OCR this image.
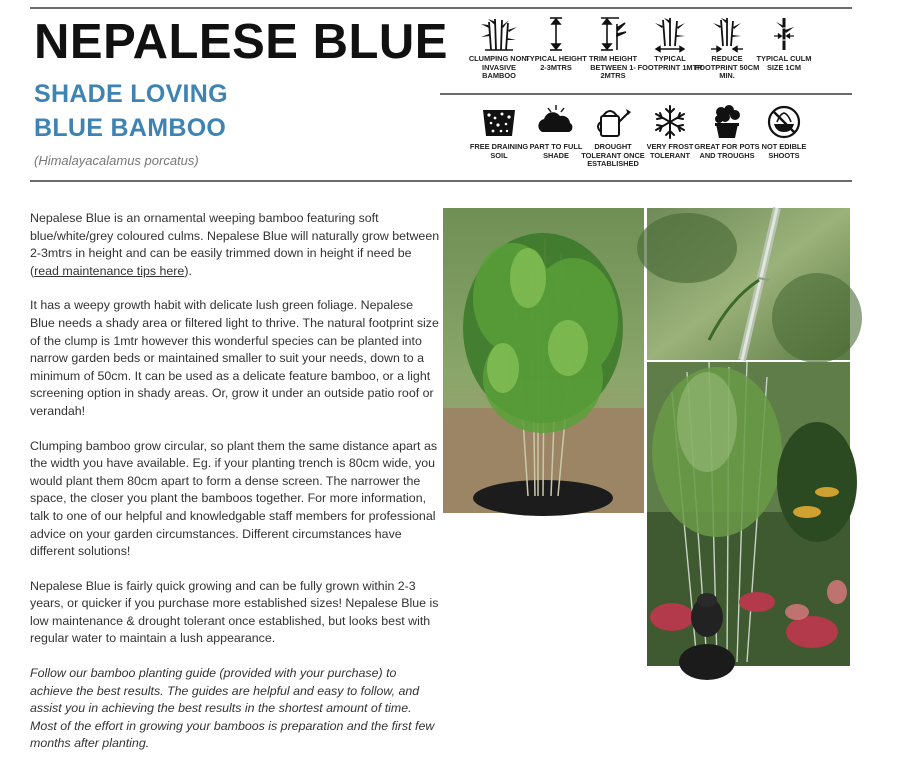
NEPALESE BLUE
SHADE LOVING
BLUE BAMBOO
(Himalayacalamus porcatus)
CLUMPING NON-INVASIVE BAMBOO
TYPICAL HEIGHT 2-3MTRS
TRIM HEIGHT BETWEEN 1-2MTRS
TYPICAL FOOTPRINT 1MTR
REDUCE FOOTPRINT 50CM MIN.
TYPICAL CULM SIZE 1CM
FREE DRAINING SOIL
PART TO FULL SHADE
DROUGHT TOLERANT ONCE ESTABLISHED
VERY FROST TOLERANT
GREAT FOR POTS AND TROUGHS
NOT EDIBLE SHOOTS

Nepalese Blue is an ornamental weeping bamboo featuring soft blue/white/grey coloured culms. Nepalese Blue will naturally grow between 2-3mtrs in height and can be easily trimmed down in height if need be (read maintenance tips here).

It has a weepy growth habit with delicate lush green foliage. Nepalese Blue needs a shady area or filtered light to thrive. The natural footprint size of the clump is 1mtr however this wonderful species can be planted into narrow garden beds or maintained smaller to suit your needs, down to a minimum of 50cm. It can be used as a delicate feature bamboo, or a light screening option in shady areas. Or, grow it under an outside patio roof or verandah!

Clumping bamboo grow circular, so plant them the same distance apart as the width you have available. Eg. if your planting trench is 80cm wide, you would plant them 80cm apart to form a dense screen. The narrower the space, the closer you plant the bamboos together. For more information, talk to one of our helpful and knowledgable staff members for professional advice on your garden circumstances. Different circumstances have different solutions!

Nepalese Blue is fairly quick growing and can be fully grown within 2-3 years, or quicker if you purchase more established sizes! Nepalese Blue is low maintenance & drought tolerant once established, but looks best with regular water to maintain a lush appearance.

Follow our bamboo planting guide (provided with your purchase) to achieve the best results. The guides are helpful and easy to follow, and assist you in achieving the best results in the shortest amount of time. Most of the effort in growing your bamboos is preparation and the first few months after planting.
